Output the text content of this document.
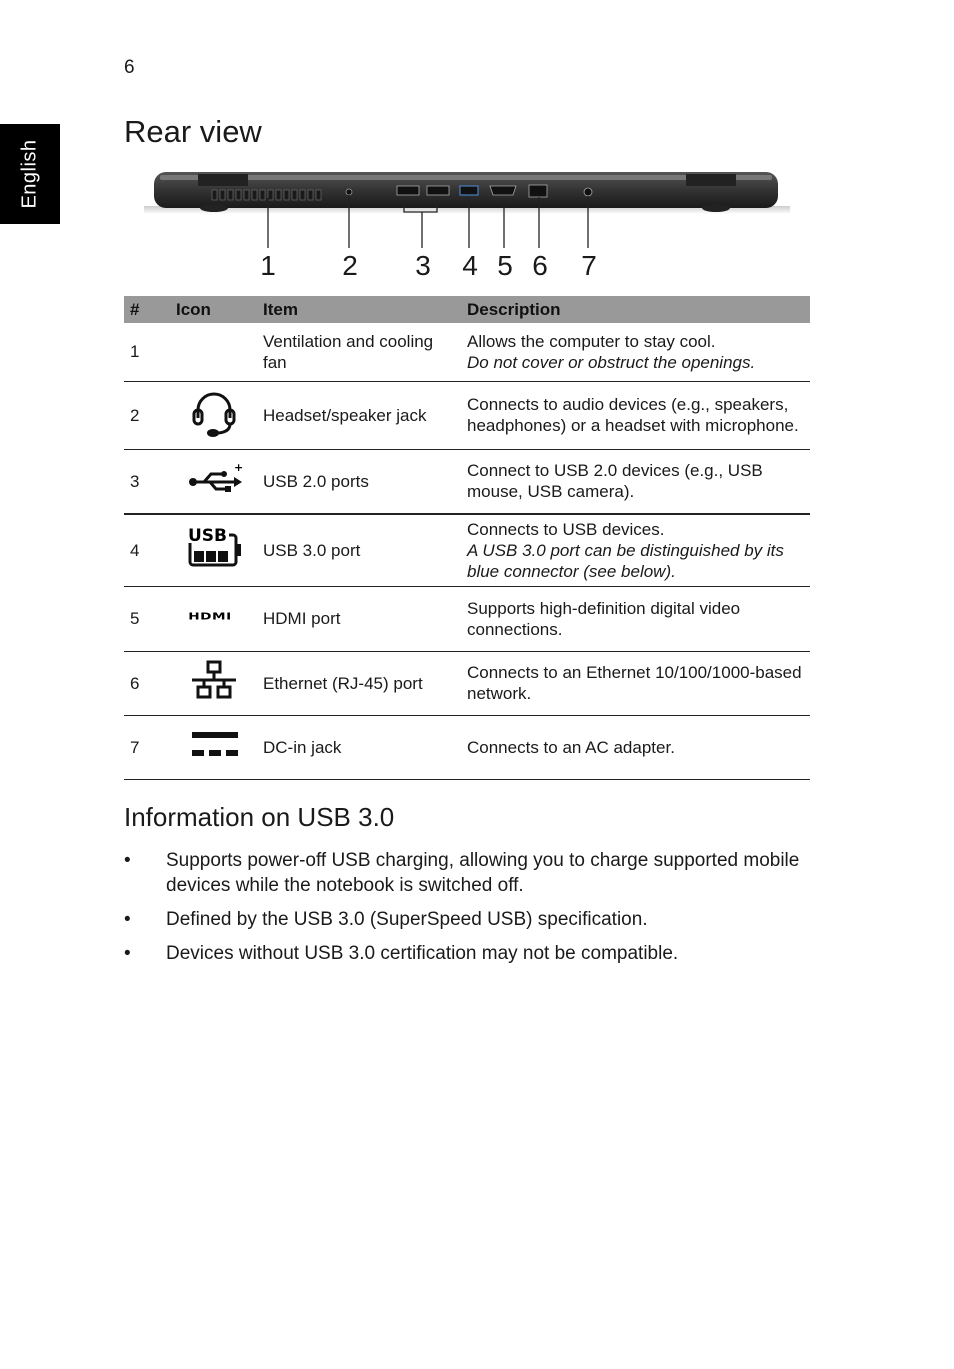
6
English
Rear view
1 2 3 4 5 6 7
#	Icon	Item	Description
1		Ventilation and cooling fan	Allows the computer to stay cool.
Do not cover or obstruct the openings.

2		Headset/speaker jack	Connects to audio devices (e.g., speakers, headphones) or a headset with microphone.
3	+	USB 2.0 ports	Connect to USB 2.0 devices (e.g., USB mouse, USB camera).
4	USB	USB 3.0 port	Connects to USB devices.
A USB 3.0 port can be distinguished by its blue connector (see below).

5	HDMI	HDMI port	Supports high-definition digital video connections.
6		Ethernet (RJ-45) port	Connects to an Ethernet 10/100/1000-based network.
7		DC-in jack	Connects to an AC adapter.
Information on USB 3.0
• Supports power-off USB charging, allowing you to charge supported mobile devices while the notebook is switched off.
• Defined by the USB 3.0 (SuperSpeed USB) specification.
• Devices without USB 3.0 certification may not be compatible.
